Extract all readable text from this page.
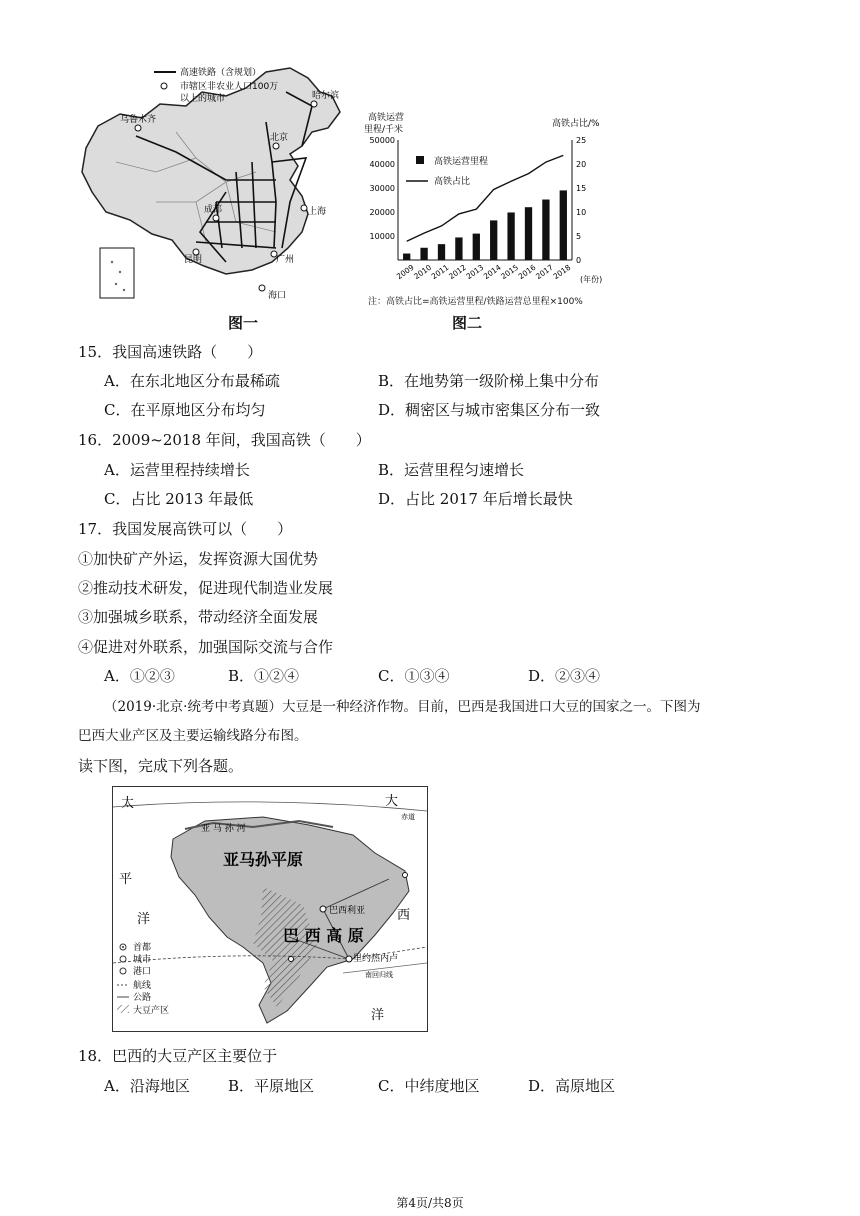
乌鲁木齐
哈尔滨
北京
上海
成都
昆明	广州
海口
高速铁路（含规划）
市辖区非农业人口100万
以上的城市
图一
高铁运营
里程/千米
高铁占比/%
10000
20000
30000
40000
50000
0
5
10
15
20
25
2009
2010
2011
2012
2013
2014
2015
2016
2017
2018
高铁运营里程
高铁占比
(年份)
注：高铁占比=高铁运营里程/铁路运营总里程×100%
图二
15．我国高速铁路（　　）
A．在东北地区分布最稀疏	B．在地势第一级阶梯上集中分布
C．在平原地区分布均匀	D．稠密区与城市密集区分布一致
16．2009~2018 年间，我国高铁（　　）
A．运营里程持续增长	B．运营里程匀速增长
C．占比 2013 年最低	D．占比 2017 年后增长最快
17．我国发展高铁可以（　　）
①加快矿产外运，发挥资源大国优势
②推动技术研发，促进现代制造业发展
③加强城乡联系，带动经济全面发展
④促进对外联系，加强国际交流与合作
A．①②③	B．①②④	C．①③④	D．②③④
（2019·北京·统考中考真题）大豆是一种经济作物。目前，巴西是我国进口大豆的国家之一。下图为
巴西大业产区及主要运输线路分布图。
读下图，完成下列各题。
太
平
洋
大
西
洋
亚 马 孙 河
赤道
亚马孙平原
巴西利亚
巴 西 高 原
里约热内卢
南回归线
首都
城市
港口
航线
公路
大豆产区
18．巴西的大豆产区主要位于
A．沿海地区	B．平原地区	C．中纬度地区	D．高原地区
第4页/共8页
